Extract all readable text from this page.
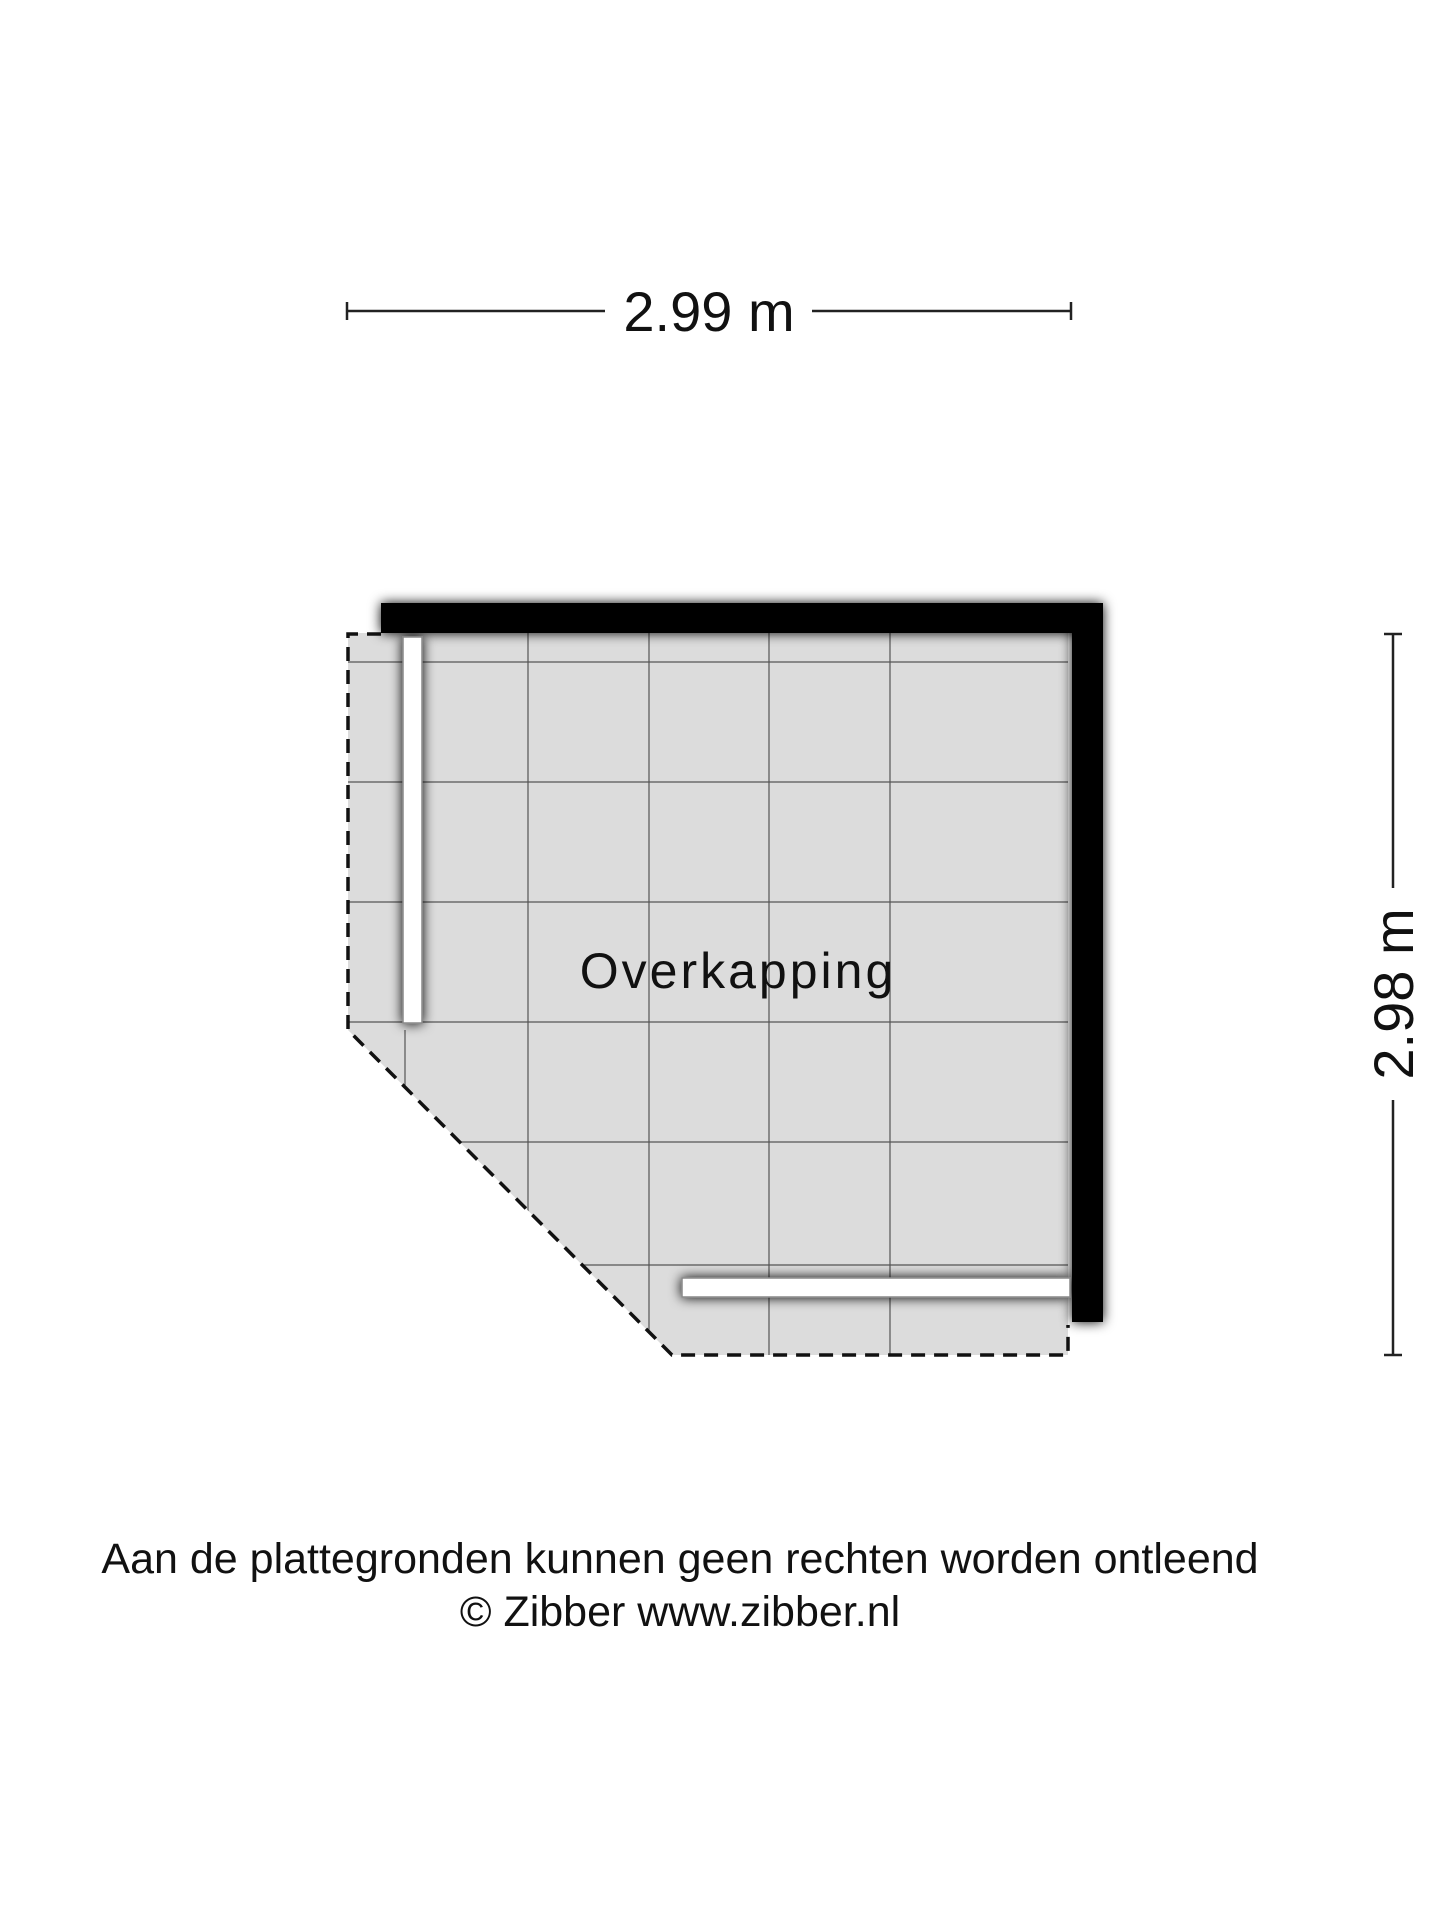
2.99 m
2.98 m
Overkapping
Aan de plattegronden kunnen geen rechten worden ontleend
© Zibber www.zibber.nl
